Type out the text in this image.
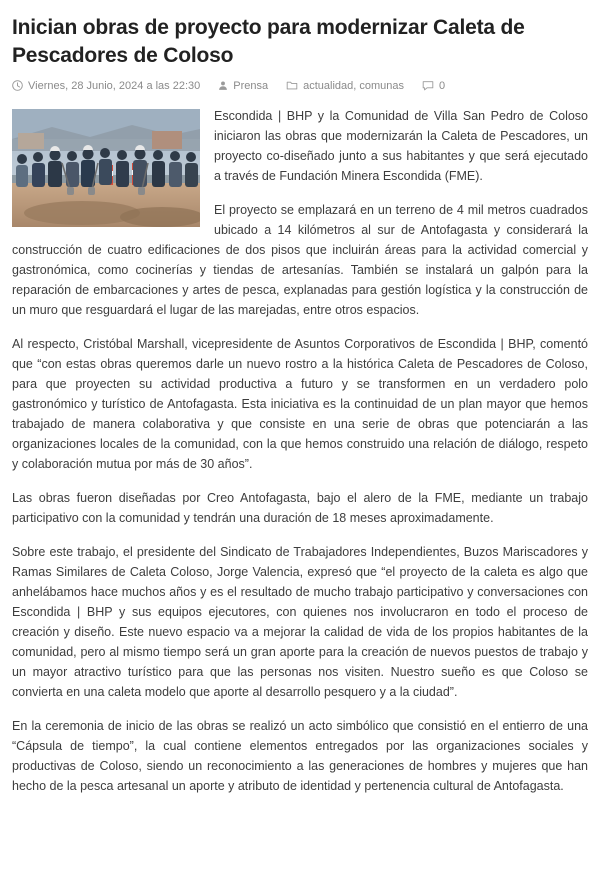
Inician obras de proyecto para modernizar Caleta de Pescadores de Coloso
Viernes, 28 Junio, 2024 a las 22:30	Prensa	actualidad, comunas	0

Escondida | BHP y la Comunidad de Villa San Pedro de Coloso iniciaron las obras que modernizarán la Caleta de Pescadores, un proyecto co-diseñado junto a sus habitantes y que será ejecutado a través de Fundación Minera Escondida (FME).

El proyecto se emplazará en un terreno de 4 mil metros cuadrados ubicado a 14 kilómetros al sur de Antofagasta y considerará la construcción de cuatro edificaciones de dos pisos que incluirán áreas para la actividad comercial y gastronómica, como cocinerías y tiendas de artesanías. También se instalará un galpón para la reparación de embarcaciones y artes de pesca, explanadas para gestión logística y la construcción de un muro que resguardará el lugar de las marejadas, entre otros espacios.

Al respecto, Cristóbal Marshall, vicepresidente de Asuntos Corporativos de Escondida | BHP, comentó que “con estas obras queremos darle un nuevo rostro a la histórica Caleta de Pescadores de Coloso, para que proyecten su actividad productiva a futuro y se transformen en un verdadero polo gastronómico y turístico de Antofagasta. Esta iniciativa es la continuidad de un plan mayor que hemos trabajado de manera colaborativa y que consiste en una serie de obras que potenciarán a las organizaciones locales de la comunidad, con la que hemos construido una relación de diálogo, respeto y colaboración mutua por más de 30 años”.

Las obras fueron diseñadas por Creo Antofagasta, bajo el alero de la FME, mediante un trabajo participativo con la comunidad y tendrán una duración de 18 meses aproximadamente.

Sobre este trabajo, el presidente del Sindicato de Trabajadores Independientes, Buzos Mariscadores y Ramas Similares de Caleta Coloso, Jorge Valencia, expresó que “el proyecto de la caleta es algo que anhelábamos hace muchos años y es el resultado de mucho trabajo participativo y conversaciones con Escondida | BHP y sus equipos ejecutores, con quienes nos involucraron en todo el proceso de creación y diseño. Este nuevo espacio va a mejorar la calidad de vida de los propios habitantes de la comunidad, pero al mismo tiempo será un gran aporte para la creación de nuevos puestos de trabajo y un mayor atractivo turístico para que las personas nos visiten. Nuestro sueño es que Coloso se convierta en una caleta modelo que aporte al desarrollo pesquero y a la ciudad”.

En la ceremonia de inicio de las obras se realizó un acto simbólico que consistió en el entierro de una “Cápsula de tiempo”, la cual contiene elementos entregados por las organizaciones sociales y productivas de Coloso, siendo un reconocimiento a las generaciones de hombres y mujeres que han hecho de la pesca artesanal un aporte y atributo de identidad y pertenencia cultural de Antofagasta.
